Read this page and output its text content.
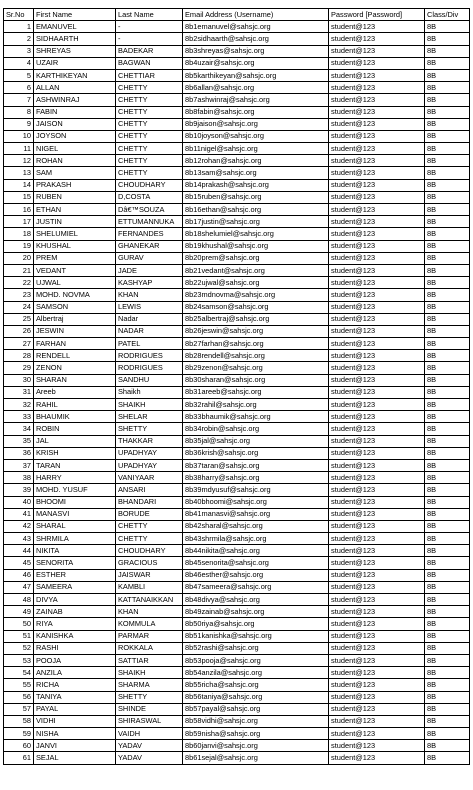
Sr.No	First Name	Last Name	Email Address (Username)	Password [Password]	Class/Div
1	EMANUVEL	-	8b1emanuvel@sahsjc.org	student@123	8B
2	SIDHAARTH	-	8b2sidhaarth@sahsjc.org	student@123	8B
3	SHREYAS	BADEKAR	8b3shreyas@sahsjc.org	student@123	8B
4	UZAIR	BAGWAN	8b4uzair@sahsjc.org	student@123	8B
5	KARTHIKEYAN	CHETTIAR	8b5karthikeyan@sahsjc.org	student@123	8B
6	ALLAN	CHETTY	8b6allan@sahsjc.org	student@123	8B
7	ASHWINRAJ	CHETTY	8b7ashwinraj@sahsjc.org	student@123	8B
8	FABIN	CHETTY	8b8fabin@sahsjc.org	student@123	8B
9	JAISON	CHETTY	8b9jaison@sahsjc.org	student@123	8B
10	JOYSON	CHETTY	8b10joyson@sahsjc.org	student@123	8B
11	NIGEL	CHETTY	8b11nigel@sahsjc.org	student@123	8B
12	ROHAN	CHETTY	8b12rohan@sahsjc.org	student@123	8B
13	SAM	CHETTY	8b13sam@sahsjc.org	student@123	8B
14	PRAKASH	CHOUDHARY	8b14prakash@sahsjc.org	student@123	8B
15	RUBEN	D,COSTA	8b15ruben@sahsjc.org	student@123	8B
16	ETHAN	Dâ€™SOUZA	8b16ethan@sahsjc.org	student@123	8B
17	JUSTIN	ETTUMANNUKA	8b17justin@sahsjc.org	student@123	8B
18	SHELUMIEL	FERNANDES	8b18shelumiel@sahsjc.org	student@123	8B
19	KHUSHAL	GHANEKAR	8b19khushal@sahsjc.org	student@123	8B
20	PREM	GURAV	8b20prem@sahsjc.org	student@123	8B
21	VEDANT	JADE	8b21vedant@sahsjc.org	student@123	8B
22	UJWAL	KASHYAP	8b22ujwal@sahsjc.org	student@123	8B
23	MOHD. NOVMA	KHAN	8b23mdnovma@sahsjc.org	student@123	8B
24	SAMSON	LEWIS	8b24samson@sahsjc.org	student@123	8B
25	Albertraj	Nadar	8b25albertraj@sahsjc.org	student@123	8B
26	JESWIN	NADAR	8b26jeswin@sahsjc.org	student@123	8B
27	FARHAN	PATEL	8b27farhan@sahsjc.org	student@123	8B
28	RENDELL	RODRIGUES	8b28rendell@sahsjc.org	student@123	8B
29	ZENON	RODRIGUES	8b29zenon@sahsjc.org	student@123	8B
30	SHARAN	SANDHU	8b30sharan@sahsjc.org	student@123	8B
31	Areeb	Shaikh	8b31areeb@sahsjc.org	student@123	8B
32	RAHIL	SHAIKH	8b32rahil@sahsjc.org	student@123	8B
33	BHAUMIK	SHELAR	8b33bhaumik@sahsjc.org	student@123	8B
34	ROBIN	SHETTY	8b34robin@sahsjc.org	student@123	8B
35	JAL	THAKKAR	8b35jal@sahsjc.org	student@123	8B
36	KRISH	UPADHYAY	8b36krish@sahsjc.org	student@123	8B
37	TARAN	UPADHYAY	8b37taran@sahsjc.org	student@123	8B
38	HARRY	VANIYAAR	8b38harry@sahsjc.org	student@123	8B
39	MOHD. YUSUF	ANSARI	8b39mdyusuf@sahsjc.org	student@123	8B
40	BHOOMI	BHANDARI	8b40bhoomi@sahsjc.org	student@123	8B
41	MANASVI	BORUDE	8b41manasvi@sahsjc.org	student@123	8B
42	SHARAL	CHETTY	8b42sharal@sahsjc.org	student@123	8B
43	SHRMILA	CHETTY	8b43shrmila@sahsjc.org	student@123	8B
44	NIKITA	CHOUDHARY	8b44nikita@sahsjc.org	student@123	8B
45	SENORITA	GRACIOUS	8b45senorita@sahsjc.org	student@123	8B
46	ESTHER	JAISWAR	8b46esther@sahsjc.org	student@123	8B
47	SAMEERA	KAMBLI	8b47sameera@sahsjc.org	student@123	8B
48	DIVYA	KATTANAIKKAN	8b48divya@sahsjc.org	student@123	8B
49	ZAINAB	KHAN	8b49zainab@sahsjc.org	student@123	8B
50	RIYA	KOMMULA	8b50riya@sahsjc.org	student@123	8B
51	KANISHKA	PARMAR	8b51kanishka@sahsjc.org	student@123	8B
52	RASHI	ROKKALA	8b52rashi@sahsjc.org	student@123	8B
53	POOJA	SATTIAR	8b53pooja@sahsjc.org	student@123	8B
54	ANZILA	SHAIKH	8b54anzila@sahsjc.org	student@123	8B
55	RICHA	SHARMA	8b55richa@sahsjc.org	student@123	8B
56	TANIYA	SHETTY	8b56taniya@sahsjc.org	student@123	8B
57	PAYAL	SHINDE	8b57payal@sahsjc.org	student@123	8B
58	VIDHI	SHIRASWAL	8b58vidhi@sahsjc.org	student@123	8B
59	NISHA	VAIDH	8b59nisha@sahsjc.org	student@123	8B
60	JANVI	YADAV	8b60janvi@sahsjc.org	student@123	8B
61	SEJAL	YADAV	8b61sejal@sahsjc.org	student@123	8B
